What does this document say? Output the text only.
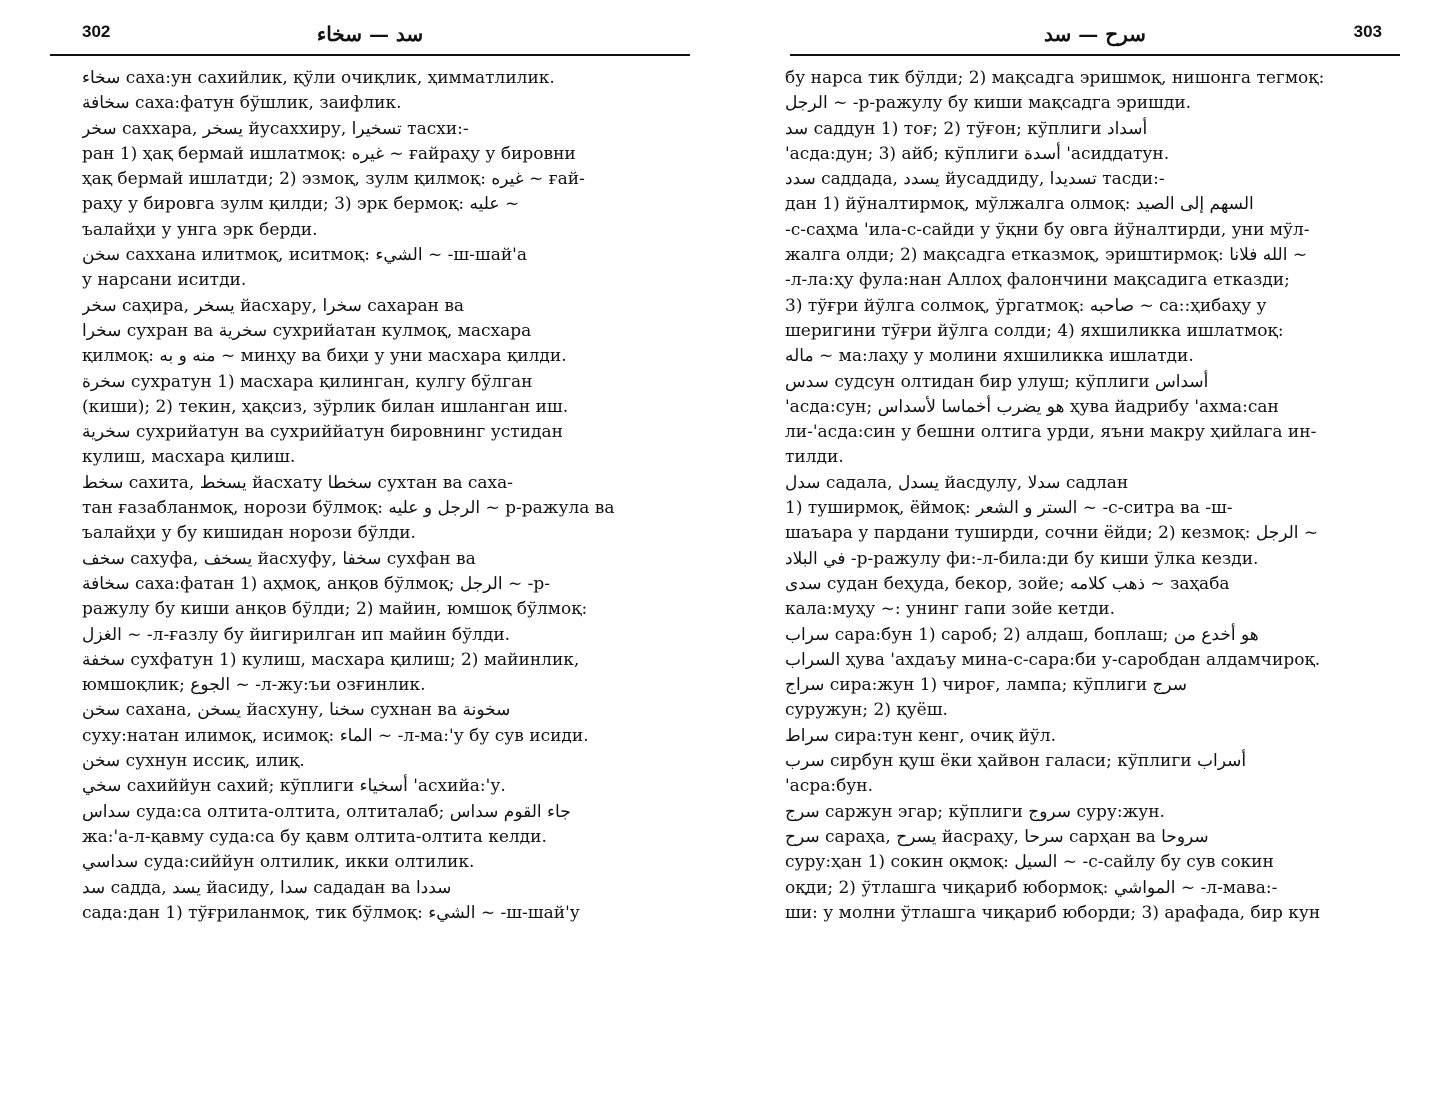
302	سد — سخاء
سخاء саха:ун сахийлик, қўли очиқлик, ҳимматлилик.
سخافة саха:фатун бўшлик, заифлик.
سخر саххара, يسخر йусаххиру, تسخيرا тасхи:-
ран 1) ҳақ бермай ишлатмоқ: غيره ~ ғайраҳу у бировни
ҳақ бермай ишлатди; 2) эзмоқ, зулм қилмоқ: غيره ~ ғай-
раҳу у бировга зулм қилди; 3) эрк бермоқ: عليه ~
ъалайҳи у унга эрк берди.
سخن саххана илитмоқ, иситмоқ: الشيء ~ -ш-шай'а
у нарсани иситди.
سخر саҳира, يسخر йасхару, سخرا сахаран ва
سخرا сухран ва سخرية сухрийатан кулмоқ, масхара
қилмоқ: منه و به ~ минҳу ва биҳи у уни масхара қилди.
سخرة сухратун 1) масхара қилинган, кулгу бўлган
(киши); 2) текин, ҳақсиз, зўрлик билан ишланган иш.
سخرية сухрийатун ва сухриййатун бировнинг устидан
кулиш, масхара қилиш.
سخط сахита, يسخط йасхату سخطا сухтан ва саха-
тан ғазабланмоқ, норози бўлмоқ: الرجل و عليه ~ р-ражула ва
ъалайҳи у бу кишидан норози бўлди.
سخف сахуфа, يسخف йасхуфу, سخفا сухфан ва
سخافة саха:фатан 1) аҳмоқ, анқов бўлмоқ; الرجل ~ -р-
ражулу бу киши анқов бўлди; 2) майин, юмшоқ бўлмоқ:
الغزل ~ -л-ғазлу бу йигирилган ип майин бўлди.
سخفة сухфатун 1) кулиш, масхара қилиш; 2) майинлик,
юмшоқлик; الجوع ~ -л-жу:ъи озғинлик.
سخن сахана, يسخن йасхуну, سخنا сухнан ва سخونة
суху:натан илимоқ, исимоқ: الماء ~ -л-ма:'у бу сув исиди.
سخن сухнун иссиқ, илиқ.
سخي сахиййун сахий; кўплиги أسخياء 'асхийа:'у.
سداس суда:са олтита-олтита, олтиталаб; جاء القوم سداس
жа:'а-л-қавму суда:са бу қавм олтита-олтита келди.
سداسي суда:сиййун олтилик, икки олтилик.
سد садда, يسد йасиду, سدا сададан ва سددا
сада:дан 1) тўғриланмоқ, тик бўлмоқ: الشيء ~ -ш-шай'у
سرح — سد	303
бу нарса тик бўлди; 2) мақсадга эришмоқ, нишонга тегмоқ:
الرجل ~ -р-ражулу бу киши мақсадга эришди.
سد саддун 1) тоғ; 2) тўғон; кўплиги أسداد
'асда:дун; 3) айб; кўплиги أسدة 'асиддатун.
سدد саддада, يسدد йусаддиду, تسديدا тасди:-
дан 1) йўналтирмоқ, мўлжалга олмоқ: السهم إلى الصيد
-с-саҳма 'ила-с-сайди у ўқни бу овга йўналтирди, уни мўл-
жалга олди; 2) мақсадга етказмоқ, эриштирмоқ: الله فلانا ~
-л-ла:ҳу фула:нан Аллоҳ фалончини мақсадига етказди;
3) тўғри йўлга солмоқ, ўргатмоқ: صاحبه ~ са::ҳибаҳу у
шеригини тўғри йўлга солди; 4) яхшиликка ишлатмоқ:
ماله ~ ма:лаҳу у молини яхшиликка ишлатди.
سدس судсун олтидан бир улуш; кўплиги أسداس
'асда:сун; هو يضرب أخماسا لأسداس ҳува йадрибу 'ахма:сан
ли-'асда:син у бешни олтига урди, яъни макру ҳийлага ин-
тилди.
سدل садала, يسدل йасдулу, سدلا садлан
1) туширмоқ, ёймоқ: الستر و الشعر ~ -с-ситра ва -ш-
шаъара у пардани туширди, сочни ёйди; 2) кезмоқ: الرجل ~
في البلاد -р-ражулу фи:-л-била:ди бу киши ўлка кезди.
سدى судан беҳуда, бекор, зойе; ذهب كلامه ~ заҳаба
кала:муҳу ~: унинг гапи зойе кетди.
سراب сара:бун 1) сароб; 2) алдаш, боплаш; هو أخدع من
السراب ҳува 'ахдаъу мина-с-сара:би у-саробдан алдамчироқ.
سراج сира:жун 1) чироғ, лампа; кўплиги سرج
суружун; 2) қуёш.
سراط сира:тун кенг, очиқ йўл.
سرب сирбун қуш ёки ҳайвон галаси; кўплиги أسراب
'асра:бун.
سرج саржун эгар; кўплиги سروج суру:жун.
سرح сараҳа, يسرح йасраҳу, سرحا сарҳан ва سروحا
суру:ҳан 1) сокин оқмоқ: السيل ~ -с-сайлу бу сув сокин
оқди; 2) ўтлашга чиқариб юбормоқ: المواشي ~ -л-мава:-
ши: у молни ўтлашга чиқариб юборди; 3) арафада, бир кун
